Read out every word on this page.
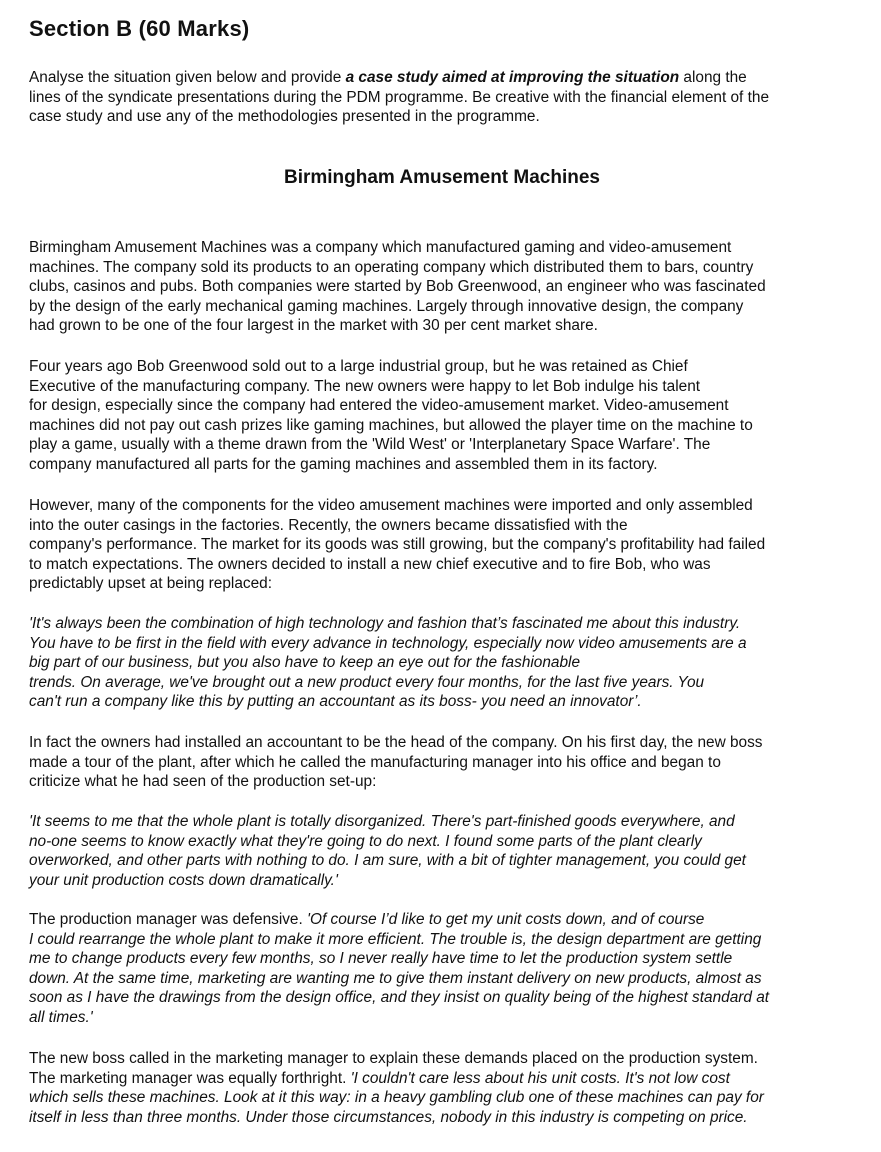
Section B (60 Marks)
Analyse the situation given below and provide a case study aimed at improving the situation along the
lines of the syndicate presentations during the PDM programme. Be creative with the financial element of the
case study and use any of the methodologies presented in the programme.
Birmingham Amusement Machines
Birmingham Amusement Machines was a company which manufactured gaming and video-amusement
machines. The company sold its products to an operating company which distributed them to bars, country
clubs, casinos and pubs. Both companies were started by Bob Greenwood, an engineer who was fascinated
by the design of the early mechanical gaming machines. Largely through innovative design, the company
had grown to be one of the four largest in the market with 30 per cent market share.
Four years ago Bob Greenwood sold out to a large industrial group, but he was retained as Chief
Executive of the manufacturing company. The new owners were happy to let Bob indulge his talent
for design, especially since the company had entered the video-amusement market. Video-amusement
machines did not pay out cash prizes like gaming machines, but allowed the player time on the machine to
play a game, usually with a theme drawn from the 'Wild West' or 'Interplanetary Space Warfare'. The
company manufactured all parts for the gaming machines and assembled them in its factory.
However, many of the components for the video amusement machines were imported and only assembled
into the outer casings in the factories. Recently, the owners became dissatisfied with the
company's performance. The market for its goods was still growing, but the company's profitability had failed
to match expectations. The owners decided to install a new chief executive and to fire Bob, who was
predictably upset at being replaced:
'It's always been the combination of high technology and fashion that’s fascinated me about this industry.
You have to be first in the field with every advance in technology, especially now video amusements are a
big part of our business, but you also have to keep an eye out for the fashionable
trends. On average, we've brought out a new product every four months, for the last five years. You
can't run a company like this by putting an accountant as its boss- you need an innovator’.
In fact the owners had installed an accountant to be the head of the company. On his first day, the new boss
made a tour of the plant, after which he called the manufacturing manager into his office and began to
criticize what he had seen of the production set-up:
'It seems to me that the whole plant is totally disorganized. There's part-finished goods everywhere, and
no-one seems to know exactly what they're going to do next. I found some parts of the plant clearly
overworked, and other parts with nothing to do. I am sure, with a bit of tighter management, you could get
your unit production costs down dramatically.'
The production manager was defensive. 'Of course I’d like to get my unit costs down, and of course
I could rearrange the whole plant to make it more efficient. The trouble is, the design department are getting
me to change products every few months, so I never really have time to let the production system settle
down. At the same time, marketing are wanting me to give them instant delivery on new products, almost as
soon as I have the drawings from the design office, and they insist on quality being of the highest standard at
all times.'
The new boss called in the marketing manager to explain these demands placed on the production system.
The marketing manager was equally forthright. 'I couldn't care less about his unit costs. It's not low cost
which sells these machines. Look at it this way: in a heavy gambling club one of these machines can pay for
itself in less than three months. Under those circumstances, nobody in this industry is competing on price.
